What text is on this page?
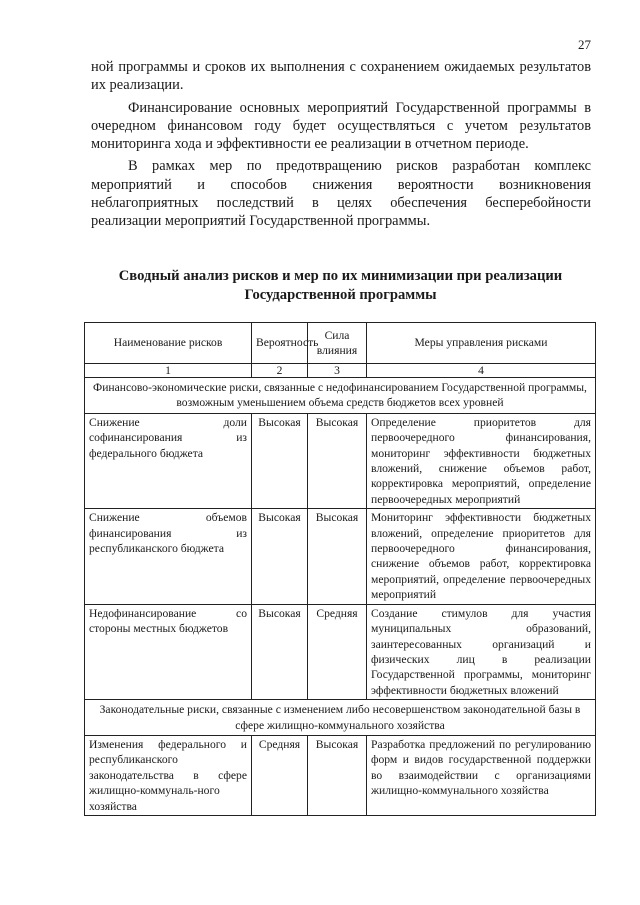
27

ной программы и сроков их выполнения с сохранением ожидаемых результатов их реализации.

Финансирование основных мероприятий Государственной программы в очередном финансовом году будет осуществляться с учетом результатов мониторинга хода и эффективности ее реализации в отчетном периоде.

В рамках мер по предотвращению рисков разработан комплекс мероприятий и способов снижения вероятности возникновения неблагоприятных последствий в целях обеспечения бесперебойности реализации мероприятий Государственной программы.

Сводный анализ рисков и мер по их минимизации при реализации
Государственной программы
Наименование рисков	Вероятность	Сила влияния	Меры управления рисками
1	2	3	4
Финансово-экономические риски, связанные с недофинансированием Государственной программы, возможным уменьшением объема средств бюджетов всех уровней			
Снижение доли софинансирования из федерального бюджета	Высокая	Высокая	Определение приоритетов для первоочередного финансирования, мониторинг эффективности бюджетных вложений, снижение объемов работ, корректировка мероприятий, определение первоочередных мероприятий
Снижение объемов финансирования из республиканского бюджета	Высокая	Высокая	Мониторинг эффективности бюджетных вложений, определение приоритетов для первоочередного финансирования, снижение объемов работ, корректировка мероприятий, определение первоочередных мероприятий
Недофинансирование со стороны местных бюджетов	Высокая	Средняя	Создание стимулов для участия муниципальных образований, заинтересованных организаций и физических лиц в реализации Государственной программы, мониторинг эффективности бюджетных вложений
Законодательные риски, связанные с изменением либо несовершенством законодательной базы в сфере жилищно-коммунального хозяйства			
Изменения федерального и республиканского законодательства в сфере жилищно-коммуналь-ного хозяйства	Средняя	Высокая	Разработка предложений по регулированию форм и видов государственной поддержки во взаимодействии с организациями жилищно-коммунального хозяйства
